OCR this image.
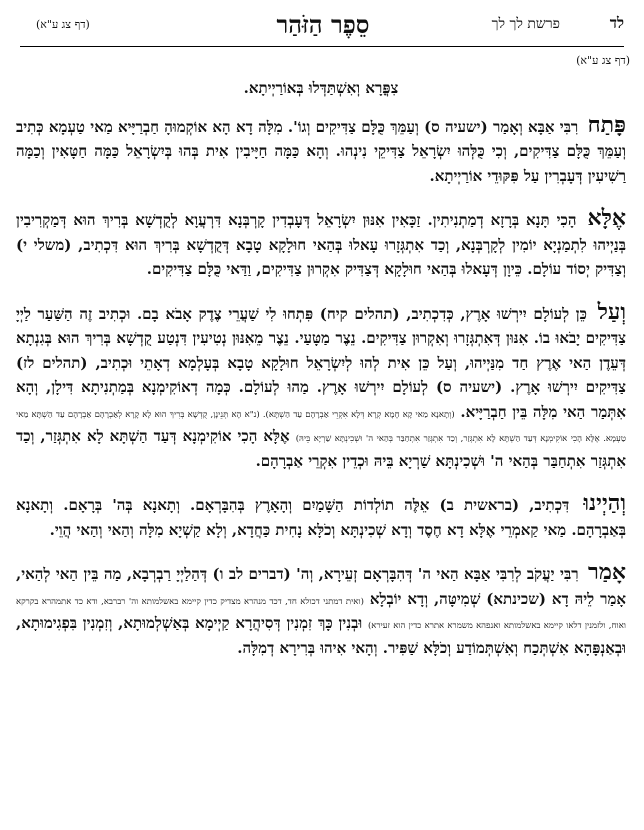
לד
פרשת לך לך
סֵפֶר הַזֹּהַר
(דף צג ע"א)
(דף צג ע"א)
צִפֳּרָא וְאִשְׁתַּדְּלוּ בְּאוֹרַיְיתָא.

פָּתַח רִבִּי אַבָּא וְאָמַר (ישעיה ס) וְעַמֵּךְ כֻּלָּם צַדִּיקִים וְגוֹ'. מִלָּה דָא הָא אוֹקְמוּהָ חַבְרַיָּיא מַאי טַעְמָא כְּתִיב וְעַמֵּךְ כֻּלָּם צַדִּיקִים, וְכִי כֻּלְּהוּ יִשְׂרָאֵל צַדִּיקֵי נִינְהוּ. וְהָא כַּמָּה חַיָּיבִין אִית בְּהוּ בְּיִשְׂרָאֵל כַּמָּה חַטָּאִין וְכַמָּה רַשִׁיעִין דְּעָבְרִין עַל פִּקּוּדֵי אוֹרַיְיתָא.

אֶלָּא הָכִי תָּנָא בְּרָזָא דְמַתְנִיתִין. זַכָּאִין אִנּוּן יִשְׂרָאֵל דְּעָבְדִין קָרְבְּנָא דִּרְעֲוָא לְקֻדְשָׁא בְּרִיךְ הוּא דְּמַקְרִיבִין בְּנַיְיהוּ לִתְמַנְיָא יוֹמִין לְקָרְבְּנָא, וְכַד אִתְגְּזָרוּ עָאלוּ בְּהַאי חוּלָקָא טָבָא דְּקֻדְשָׁא בְּרִיךְ הוּא דִּכְתִיב, (משלי י) וְצַדִּיק יְסוֹד עוֹלָם. כֵּיוָן דְּעָאלוּ בְּהַאי חוּלָקָא דְּצַדִּיק אִקְרוּן צַדִּיקִים, וַדַּאי כֻּלָּם צַדִּיקִים.

וְעַל כֵּן לְעוֹלָם יִירְשׁוּ אָרֶץ, כְּדִכְתִיב, (תהלים קיח) פִּתְחוּ לִי שַׁעֲרֵי צֶדֶק אָבֹא בָם. וּכְתִיב זֶה הַשַּׁעַר לַיְיָ צַדִּיקִים יָבֹאוּ בוֹ. אִנּוּן דְּאִתְגְּזָרוּ וְאִקְרוּן צַדִּיקִים. נֵצֶר מַטָּעַי. נֵצֶר מֵאִנּוּן נְטִיעִין דִּנְטַע קֻדְשָׁא בְּרִיךְ הוּא בְּגִנְתָא דְּעֵדֶן הַאי אֶרֶץ חַד מִנַּיְיהוּ, וְעַל כֵּן אִית לְהוּ לְיִשְׂרָאֵל חוּלָקָא טָבָא בְּעָלְמָא דְאָתֵי וּכְתִיב, (תהלים לז) צַדִּיקִים יִירְשׁוּ אָרֶץ. (ישעיה ס) לְעוֹלָם יִירְשׁוּ אָרֶץ. מַהוּ לְעוֹלָם. כְּמָה דְאוֹקִימְנָא בְּמַתְנִיתָא דִּילָן, וְהָא אִתְּמַר הַאי מִלָּה בֵּין חַבְרַיָּיא. (וְתָאנָא מַאי קָא חָמָא קְרָא דְּלָא אִקְרֵי אַבְרָהָם עַד הַשְׁתָּא). (נ"א הָא תְּנֵינָן, קֻדְשָׁא בְּרִיךְ הוּא לָא קָרָא לְאַבְרָהָם אַבְרָהָם עַד הַשְׁתָּא מַאי טַעְמָא. אֶלָּא הָכִי אוֹקִימְנָא דְּעַד הַשְׁתָּא לָא אִתְגְּזַר, וְכַד אִתְגְּזַר אִתְחַבַּר בְּהַאי ה' וּשְׁכִינְתָּא שַׁרְיָא בֵּיהּ) אֶלָּא הָכִי אוֹקִימְנָא דְּעַד הַשְׁתָּא לָא אִתְגְּזַר, וְכַד אִתְגְּזַר אִתְחַבַּר בְּהַאי ה' וּשְׁכִינְתָּא שַׁרְיָא בֵּיהּ וּכְדֵין אִקְרֵי אַבְרָהָם.

וְהַיְינוּ דִּכְתִיב, (בראשית ב) אֵלֶּה תוֹלְדוֹת הַשָּׁמַיִם וְהָאָרֶץ בְּהִבָּרְאָם. וְתָאנָא בְּה' בְּרָאָם. וְתָאנָא בְּאַבְרָהָם. מַאי קַאמְרֵי אֶלָּא דָא חֶסֶד וְדָא שְׁכִינְתָּא וְכֹלָּא נָחִית כַּחֲדָא, וְלָא קַשְׁיָא מִלָּה וְהַאי וְהַאי הֲוֵי.

אָמַר רִבִּי יַעֲקֹב לְרִבִּי אַבָּא הַאי ה' דְּהִבָּרְאָם זְעֵירָא, וְה' (דברים לב ו) דְּהַלַיְיָ רַבְרְבָא, מַה בֵּין הַאי לְהַאי, אָמַר לֵיהּ דָא (שכינתא) שְׁמִיטָּה, וְדָא יוֹבְלָא (ואית דמתני דכולא חד, דכד מנהרא מצדיק כדין קיימא באשלמותא וה' רברבא, ודא כד אתמהרא בקרקא ואוח, ולזמנין דלאו קיימא באשלמותא ואנפהא משמרא אתרא כדין הוא זעירא) וּבְנִין כָּךְ זִמְנִין דְּסִיהֲרָא קַיְימָא בְּאַשְׁלְמוּתָא, וְזִמְנִין בִּפְגִימוּתָא, וּבְאַנְפָּהָא אִשְׁתְּכַח וְאִשְׁתְּמוֹדַע וְכֹלָּא שַׁפִּיר. וְהָאי אִיהוּ בְּרִירָא דְמִלָּה.
